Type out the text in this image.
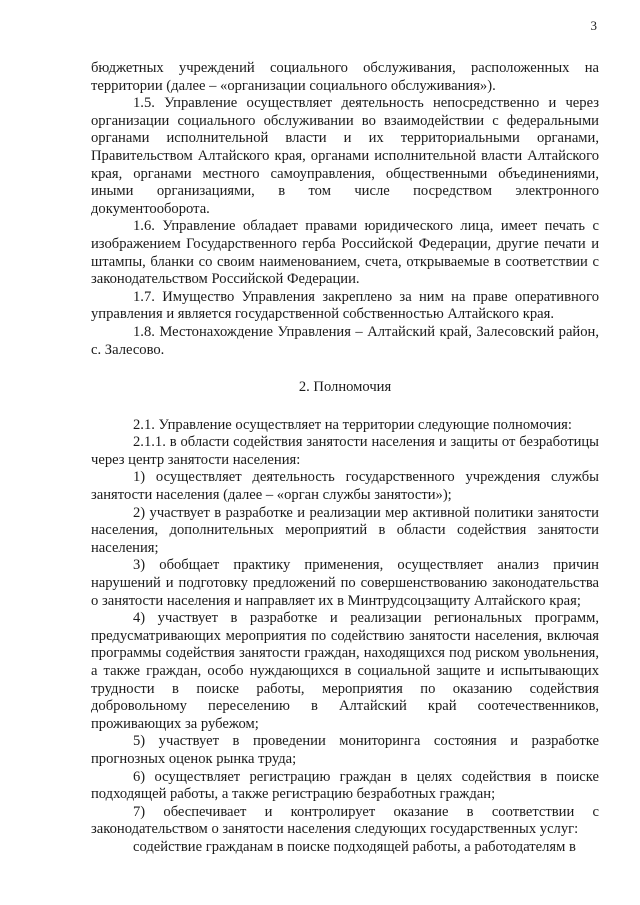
3

бюджетных учреждений социального обслуживания, расположенных на территории (далее – «организации социального обслуживания»).

1.5. Управление осуществляет деятельность непосредственно и через организации социального обслуживании во взаимодействии с федеральными органами исполнительной власти и их территориальными органами, Правительством Алтайского края, органами исполнительной власти Алтайского края, органами местного самоуправления, общественными объединениями, иными организациями, в том числе посредством электронного документооборота.

1.6. Управление обладает правами юридического лица, имеет печать с изображением Государственного герба Российской Федерации, другие печати и штампы, бланки со своим наименованием, счета, открываемые в соответствии с законодательством Российской Федерации.

1.7. Имущество Управления закреплено за ним на праве оперативного управления и является государственной собственностью Алтайского края.

1.8. Местонахождение Управления – Алтайский край, Залесовский район, с. Залесово.

2. Полномочия

2.1. Управление осуществляет на территории следующие полномочия:

2.1.1. в области содействия занятости населения и защиты от безработицы через центр занятости населения:

1) осуществляет деятельность государственного учреждения службы занятости населения (далее – «орган службы занятости»);

2) участвует в разработке и реализации мер активной политики занятости населения, дополнительных мероприятий в области содействия занятости населения;

3) обобщает практику применения, осуществляет анализ причин нарушений и подготовку предложений по совершенствованию законодательства о занятости населения и направляет их в Минтрудсоцзащиту Алтайского края;

4) участвует в разработке и реализации региональных программ, предусматривающих мероприятия по содействию занятости населения, включая программы содействия занятости граждан, находящихся под риском увольнения, а также граждан, особо нуждающихся в социальной защите и испытывающих трудности в поиске работы, мероприятия по оказанию содействия добровольному переселению в Алтайский край соотечественников, проживающих за рубежом;

5) участвует в проведении мониторинга состояния и разработке прогнозных оценок рынка труда;

6) осуществляет регистрацию граждан в целях содействия в поиске подходящей работы, а также регистрацию безработных граждан;

7) обеспечивает и контролирует оказание в соответствии с законодательством о занятости населения следующих государственных услуг:

содействие гражданам в поиске подходящей работы, а работодателям в
